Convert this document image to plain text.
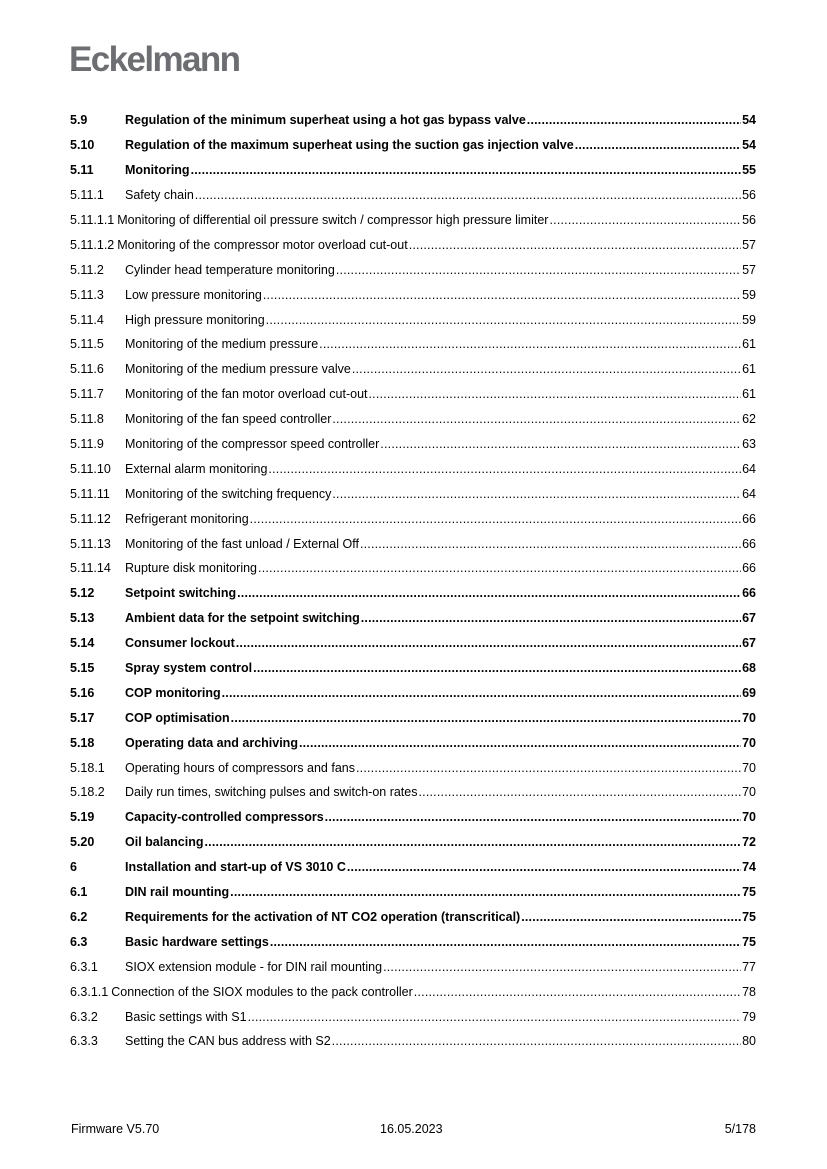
Eckelmann
5.9	Regulation of the minimum superheat using a hot gas bypass valve .....	54
5.10	Regulation of the maximum superheat using the suction gas injection valve .....	54
5.11	Monitoring .....	55
5.11.1	Safety chain .....	56
5.11.1.1 Monitoring of differential oil pressure switch / compressor high pressure limiter .....	56
5.11.1.2 Monitoring of the compressor motor overload cut-out .....	57
5.11.2	Cylinder head temperature monitoring .....	57
5.11.3	Low pressure monitoring .....	59
5.11.4	High pressure monitoring .....	59
5.11.5	Monitoring of the medium pressure .....	61
5.11.6	Monitoring of the medium pressure valve .....	61
5.11.7	Monitoring of the fan motor overload cut-out .....	61
5.11.8	Monitoring of the fan speed controller .....	62
5.11.9	Monitoring of the compressor speed controller .....	63
5.11.10	External alarm monitoring .....	64
5.11.11	Monitoring of the switching frequency .....	64
5.11.12	Refrigerant monitoring .....	66
5.11.13	Monitoring of the fast unload / External Off .....	66
5.11.14	Rupture disk monitoring .....	66
5.12	Setpoint switching .....	66
5.13	Ambient data for the setpoint switching .....	67
5.14	Consumer lockout .....	67
5.15	Spray system control .....	68
5.16	COP monitoring .....	69
5.17	COP optimisation .....	70
5.18	Operating data and archiving .....	70
5.18.1	Operating hours of compressors and fans .....	70
5.18.2	Daily run times, switching pulses and switch-on rates .....	70
5.19	Capacity-controlled compressors .....	70
5.20	Oil balancing .....	72
6	Installation and start-up of VS 3010 C .....	74
6.1	DIN rail mounting .....	75
6.2	Requirements for the activation of NT CO2 operation (transcritical) .....	75
6.3	Basic hardware settings .....	75
6.3.1	SIOX extension module - for DIN rail mounting .....	77
6.3.1.1 Connection of the SIOX modules to the pack controller .....	78
6.3.2	Basic settings with S1 .....	79
6.3.3	Setting the CAN bus address with S2 .....	80
Firmware V5.70	16.05.2023	5/178
